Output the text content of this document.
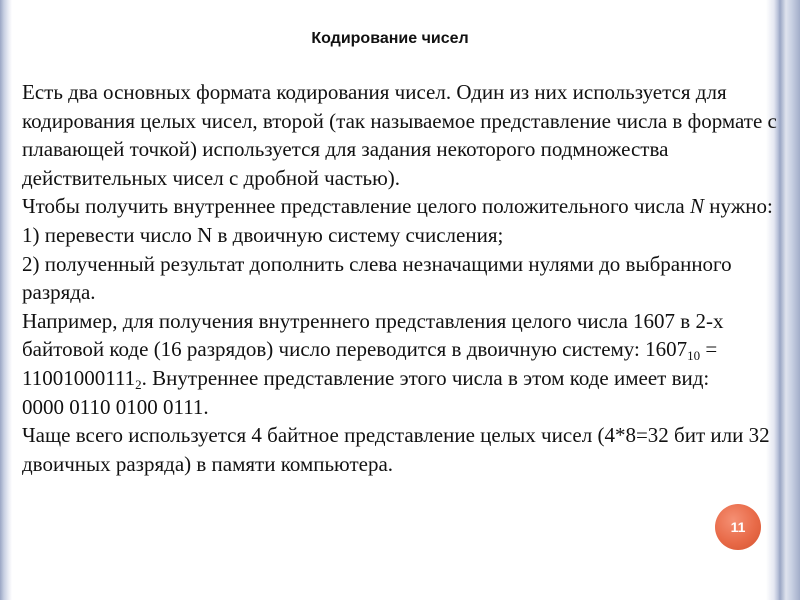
Кодирование чисел

Есть два основных формата кодирования чисел. Один из них используется для кодирования целых чисел, второй (так называемое представление числа в формате с плавающей точкой) используется для задания некоторого подмножества действительных чисел с дробной частью).

Чтобы получить внутреннее представление целого положительного числа N нужно:

1) перевести число N в двоичную систему счисления;

2) полученный результат дополнить слева незначащими нулями до выбранного разряда.

Например, для получения внутреннего представления целого числа 1607 в 2-х байтовой коде (16 разрядов) число переводится в двоичную систему: $1607_{10} = 11001000111_2$. Внутреннее представление этого числа в этом коде имеет вид:

0000 0110 0100 0111.

Чаще всего используется 4 байтное представление целых чисел (4*8=32 бит или 32 двоичных разряда) в памяти компьютера.

11
